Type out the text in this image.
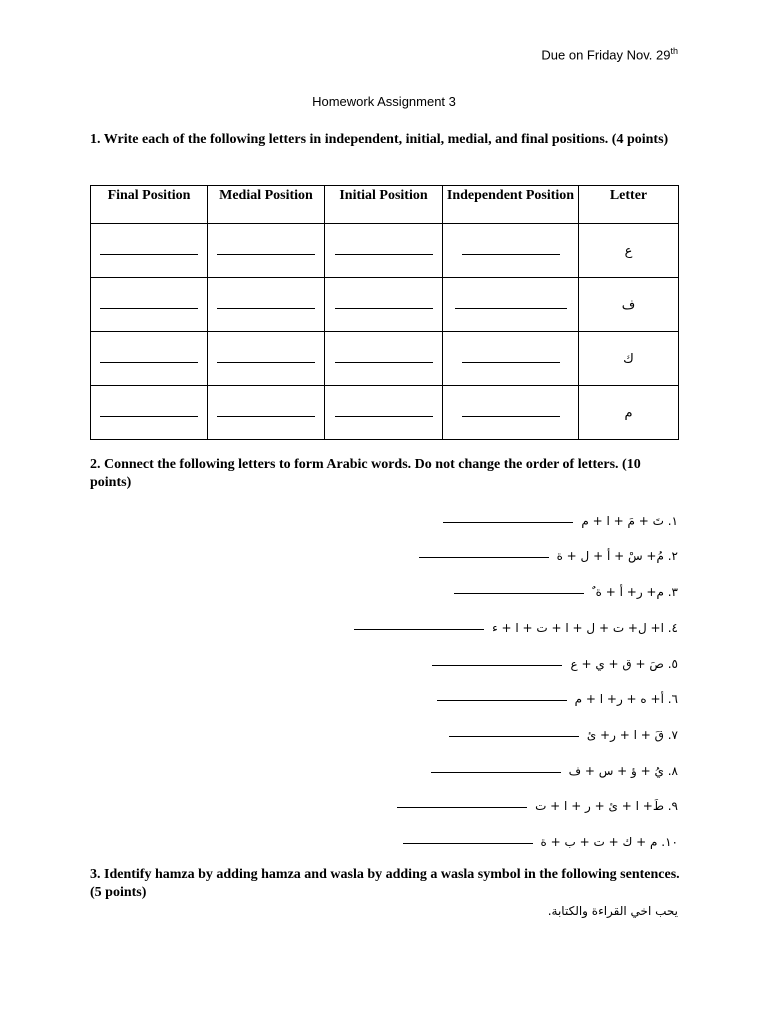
Due on Friday Nov. 29th
Homework Assignment 3
1. Write each of the following letters in independent, initial, medial, and final positions. (4 points)
Final Position	Medial Position	Initial Position	Independent Position	Letter
				ع
				ف
				ك
				م
2. Connect the following letters to form Arabic words. Do not change the order of letters. (10 points)
١. تَ + مَ + ا + م
٢. مُ+ سْ + أ + ل + ة
٣. م+ ر+ أ + ة ٌ
٤. ا+ ل+ ت + ل + ا + ت + ا + ء
٥. صَ + ق + ي + ع
٦. أ+ ه + ر+ ا + م
٧. قَ + ا + ر+ ئ
٨. يُ + ؤ + س + ف
٩. طَ+ ا + ئ + ر + ا + ت
١٠. م + ك + ت + ب + ة
3. Identify hamza by adding hamza and wasla by adding a wasla symbol in the following sentences. (5 points)
يحب اخي القراءة والكتابة.
